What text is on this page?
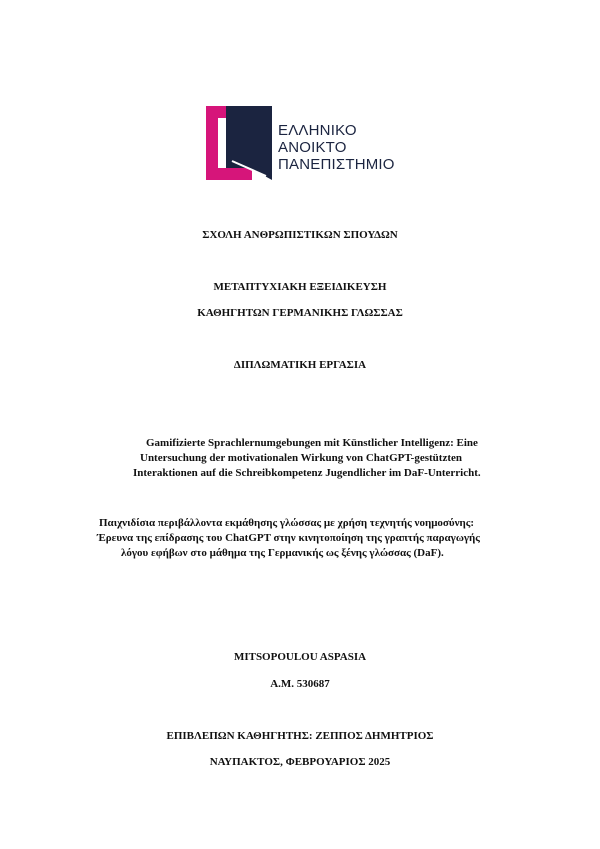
ΕΛΛΗΝΙΚΟ
ΑΝΟΙΚΤΟ
ΠΑΝΕΠΙΣΤΗΜΙΟ
ΣΧΟΛΗ ΑΝΘΡΩΠΙΣΤΙΚΩΝ ΣΠΟΥΔΩΝ
ΜΕΤΑΠΤΥΧΙΑΚΗ ΕΞΕΙΔΙΚΕΥΣΗ
ΚΑΘΗΓΗΤΩΝ ΓΕΡΜΑΝΙΚΗΣ ΓΛΩΣΣΑΣ
ΔΙΠΛΩΜΑΤΙΚΗ ΕΡΓΑΣΙΑ
Gamifizierte Sprachlernumgebungen mit Künstlicher Intelligenz: Eine
Untersuchung der motivationalen Wirkung von ChatGPT-gestützten
Interaktionen auf die Schreibkompetenz Jugendlicher im DaF-Unterricht.
Παιχνιδίσια περιβάλλοντα εκμάθησης γλώσσας με χρήση τεχνητής νοημοσύνης:
Έρευνα της επίδρασης του ChatGPT στην κινητοποίηση της γραπτής παραγωγής
λόγου εφήβων στο μάθημα της Γερμανικής ως ξένης γλώσσας (DaF).
MITSOPOULOU ASPASIA
A.M. 530687
ΕΠΙΒΛΕΠΩΝ ΚΑΘΗΓΗΤΗΣ: ΖΕΠΠΟΣ ΔΗΜΗΤΡΙΟΣ
ΝΑΥΠΑΚΤΟΣ, ΦΕΒΡΟΥΑΡΙΟΣ 2025
